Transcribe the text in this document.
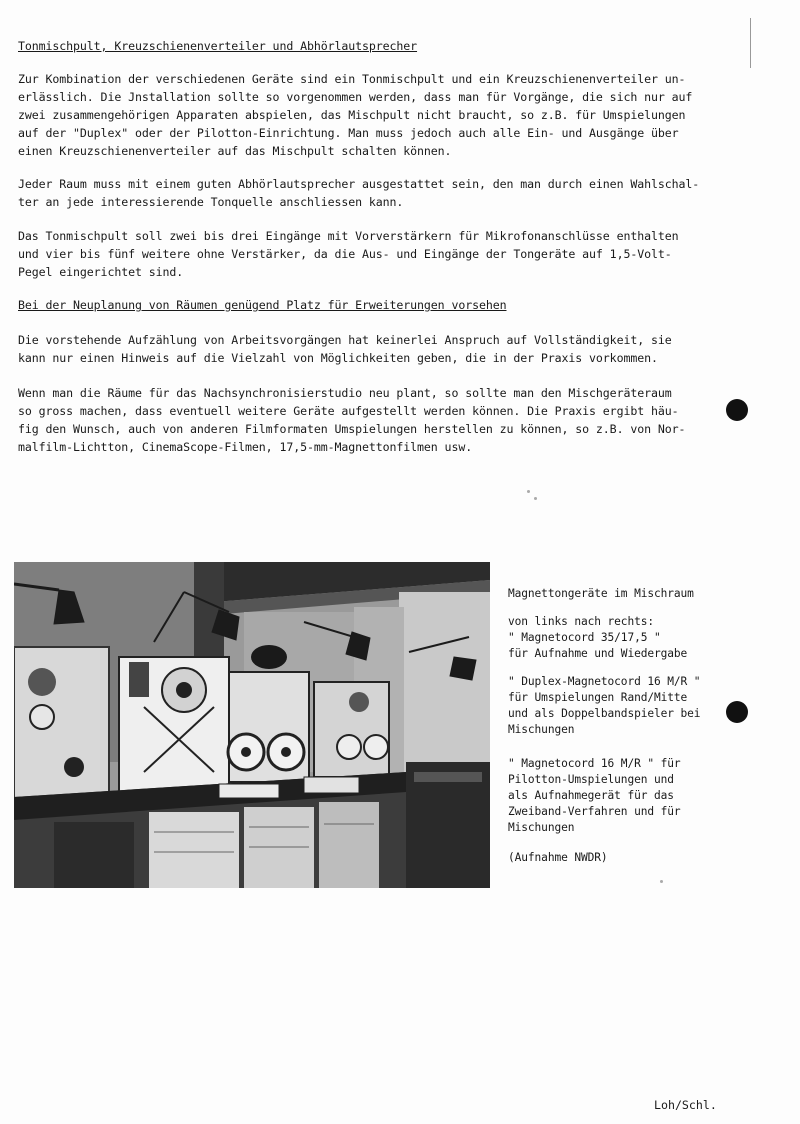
Tonmischpult, Kreuzschienenverteiler und Abhörlautsprecher
Zur Kombination der verschiedenen Geräte sind ein Tonmischpult und ein Kreuzschienenverteiler un-
erlässlich. Die Jnstallation sollte so vorgenommen werden, dass man für Vorgänge, die sich nur auf
zwei zusammengehörigen Apparaten abspielen, das Mischpult nicht braucht, so z.B. für Umspielungen
auf der "Duplex" oder der Pilotton-Einrichtung. Man muss jedoch auch alle Ein- und Ausgänge über
einen Kreuzschienenverteiler auf das Mischpult schalten können.
Jeder Raum muss mit einem guten Abhörlautsprecher ausgestattet sein, den man durch einen Wahlschal-
ter an jede interessierende Tonquelle anschliessen kann.
Das Tonmischpult soll zwei bis drei Eingänge mit Vorverstärkern für Mikrofonanschlüsse enthalten
und vier bis fünf weitere ohne Verstärker, da die Aus- und Eingänge der Tongeräte auf 1,5-Volt-
Pegel eingerichtet sind.
Bei der Neuplanung von Räumen genügend Platz für Erweiterungen vorsehen
Die vorstehende Aufzählung von Arbeitsvorgängen hat keinerlei Anspruch auf Vollständigkeit, sie
kann nur einen Hinweis auf die Vielzahl von Möglichkeiten geben, die in der Praxis vorkommen.
Wenn man die Räume für das Nachsynchronisierstudio neu plant, so sollte man den Mischgeräteraum
so gross machen, dass eventuell weitere Geräte aufgestellt werden können. Die Praxis ergibt häu-
fig den Wunsch, auch von anderen Filmformaten Umspielungen herstellen zu können, so z.B. von Nor-
malfilm-Lichtton, CinemaScope-Filmen, 17,5-mm-Magnettonfilmen usw.
Magnettongeräte im Mischraum
von links nach rechts:
" Magnetocord 35/17,5 "
für Aufnahme und Wiedergabe
" Duplex-Magnetocord 16 M/R "
für Umspielungen Rand/Mitte
und als Doppelbandspieler bei
Mischungen
" Magnetocord 16 M/R " für
Pilotton-Umspielungen und
als Aufnahmegerät für das
Zweiband-Verfahren und für
Mischungen
(Aufnahme NWDR)
Loh/Schl.
